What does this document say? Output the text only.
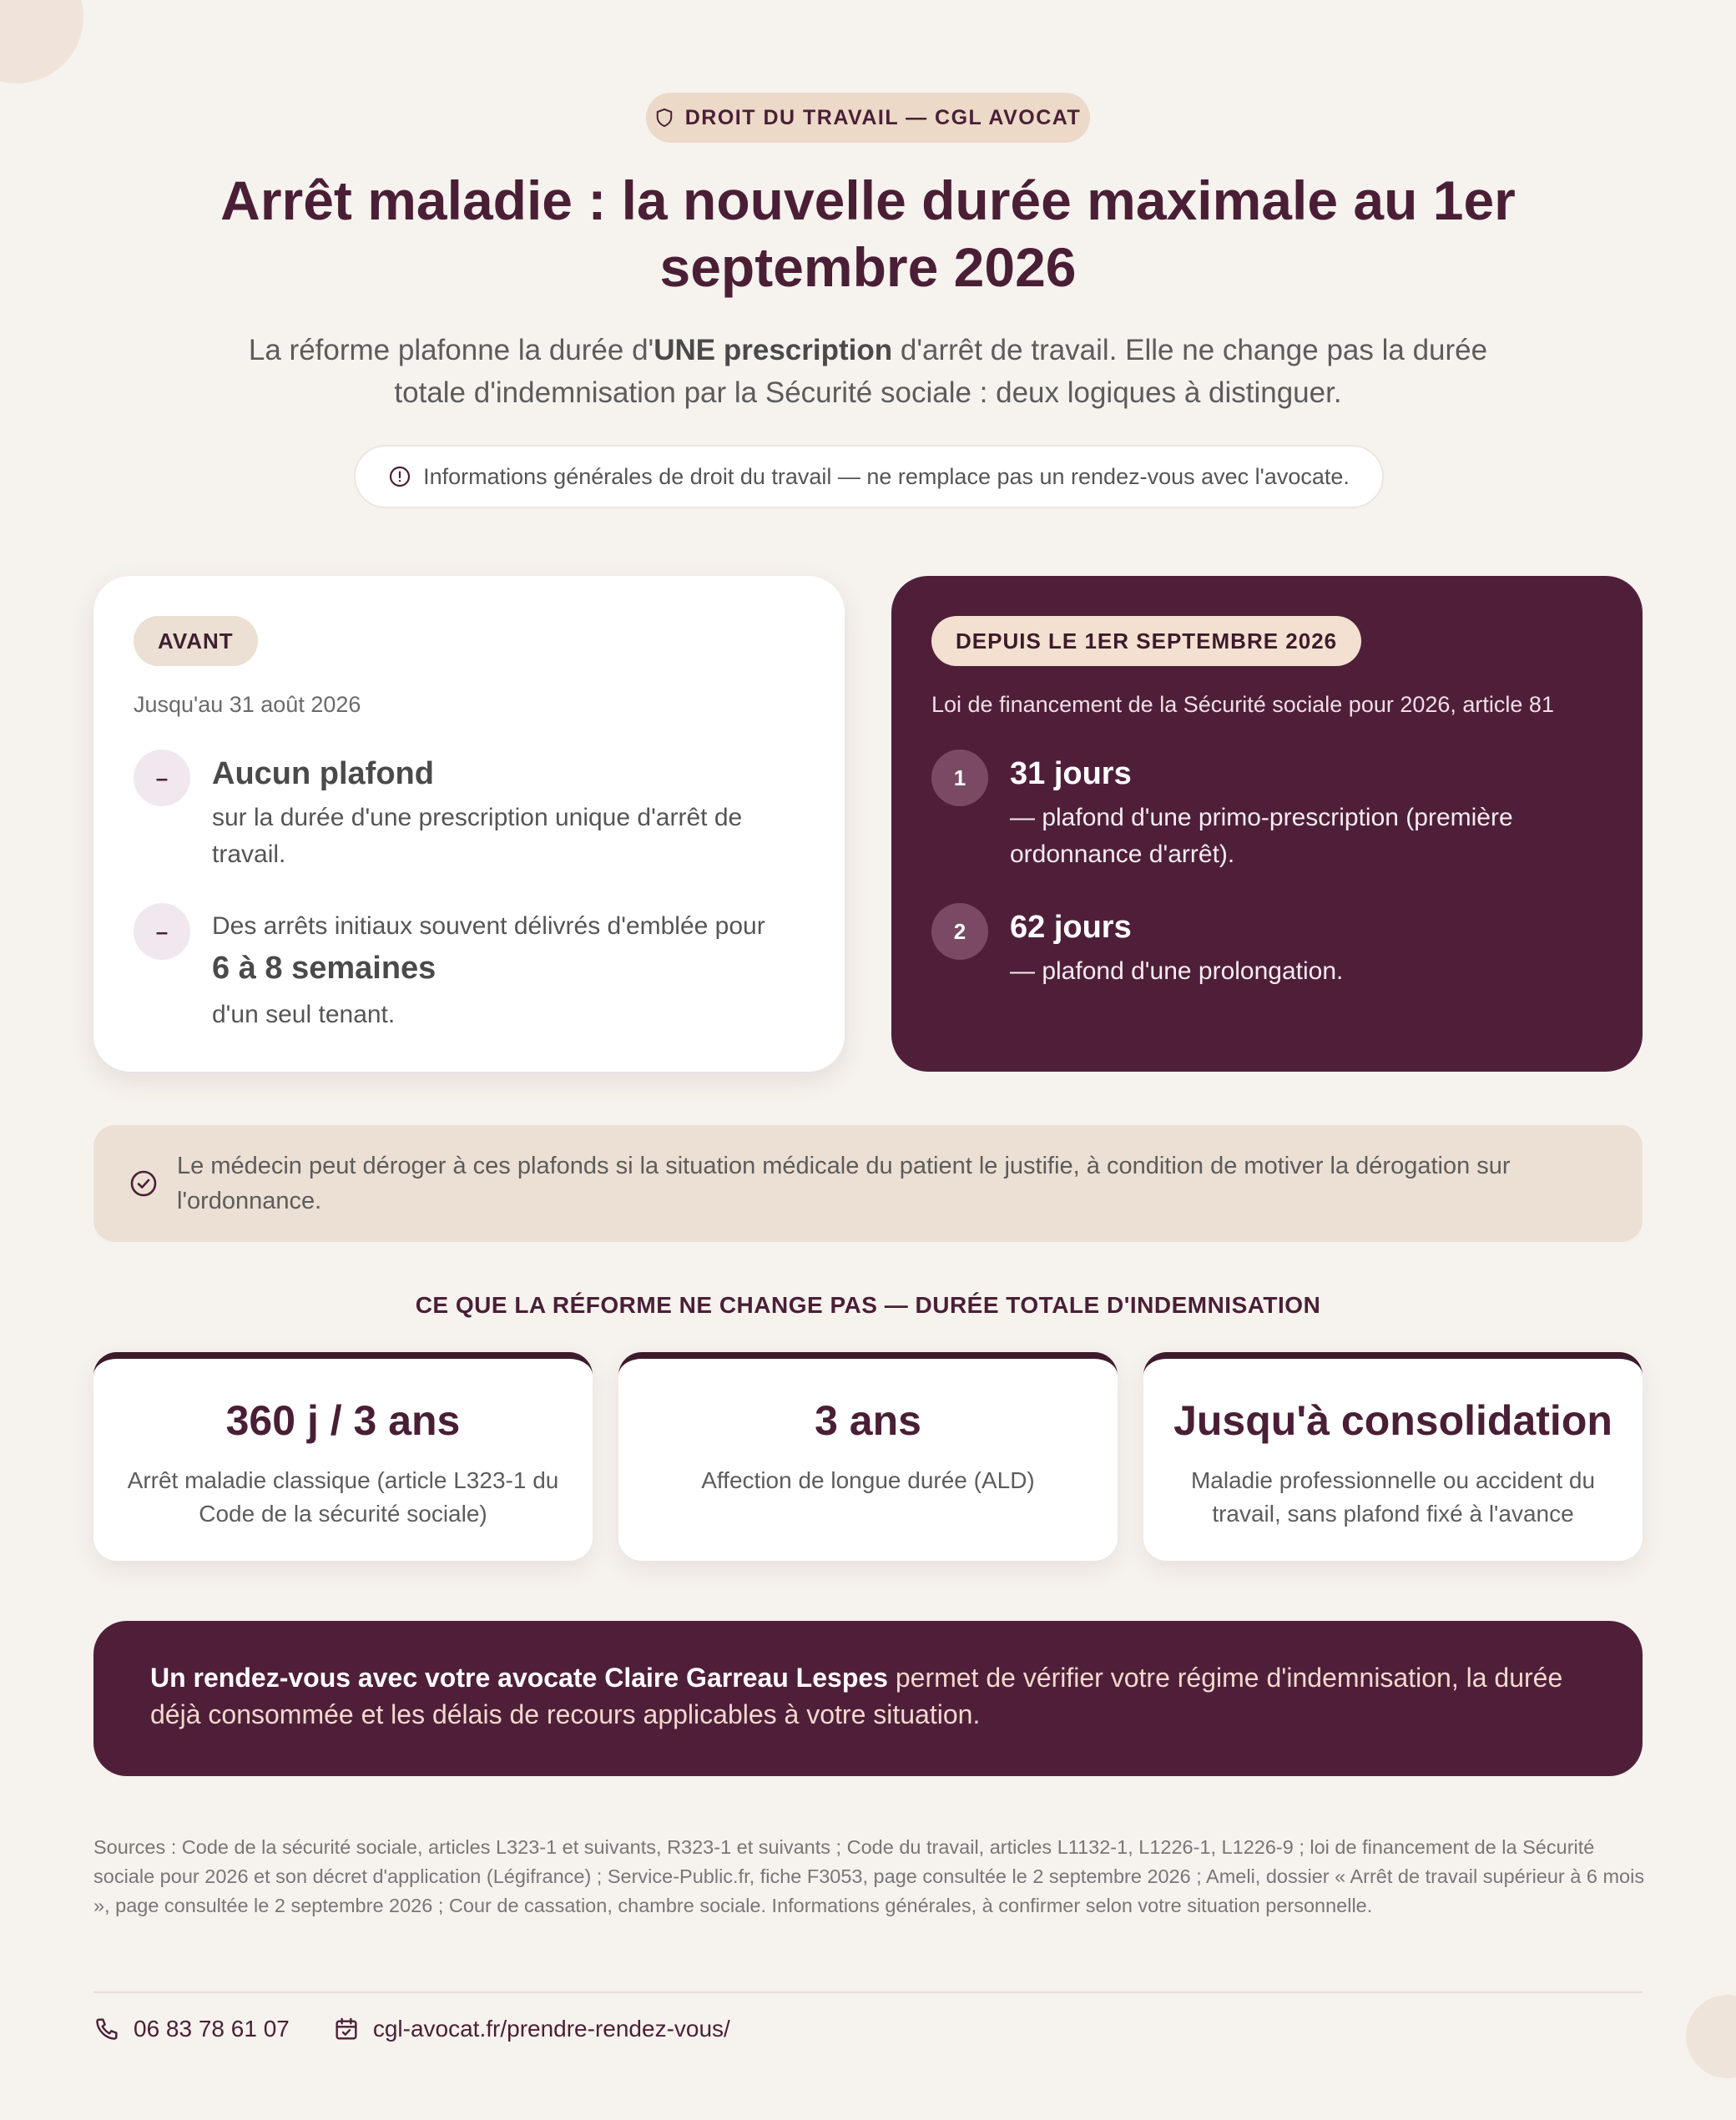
DROIT DU TRAVAIL — CGL AVOCAT
Arrêt maladie : la nouvelle durée maximale au 1er septembre 2026

La réforme plafonne la durée d'UNE prescription d'arrêt de travail. Elle ne change pas la durée totale d'indemnisation par la Sécurité sociale : deux logiques à distinguer.

Informations générales de droit du travail — ne remplace pas un rendez-vous avec l'avocate.
AVANT
Jusqu'au 31 août 2026
–	Aucun plafond
sur la durée d'une prescription unique d'arrêt de travail.
–	Des arrêts initiaux souvent délivrés d'emblée pour
6 à 8 semaines
d'un seul tenant.
DEPUIS LE 1ER SEPTEMBRE 2026
Loi de financement de la Sécurité sociale pour 2026, article 81
1	31 jours
— plafond d'une primo-prescription (première ordonnance d'arrêt).
2	62 jours
— plafond d'une prolongation.
Le médecin peut déroger à ces plafonds si la situation médicale du patient le justifie, à condition de motiver la dérogation sur l'ordonnance.
CE QUE LA RÉFORME NE CHANGE PAS — DURÉE TOTALE D'INDEMNISATION
360 j / 3 ans
Arrêt maladie classique (article L323-1 du Code de la sécurité sociale)
3 ans
Affection de longue durée (ALD)
Jusqu'à consolidation
Maladie professionnelle ou accident du travail, sans plafond fixé à l'avance
Un rendez-vous avec votre avocate Claire Garreau Lespes permet de vérifier votre régime d'indemnisation, la durée déjà consommée et les délais de recours applicables à votre situation.
Sources : Code de la sécurité sociale, articles L323-1 et suivants, R323-1 et suivants ; Code du travail, articles L1132-1, L1226-1, L1226-9 ; loi de financement de la Sécurité sociale pour 2026 et son décret d'application (Légifrance) ; Service-Public.fr, fiche F3053, page consultée le 2 septembre 2026 ; Ameli, dossier « Arrêt de travail supérieur à 6 mois », page consultée le 2 septembre 2026 ; Cour de cassation, chambre sociale. Informations générales, à confirmer selon votre situation personnelle.
06 83 78 61 07	cgl-avocat.fr/prendre-rendez-vous/
